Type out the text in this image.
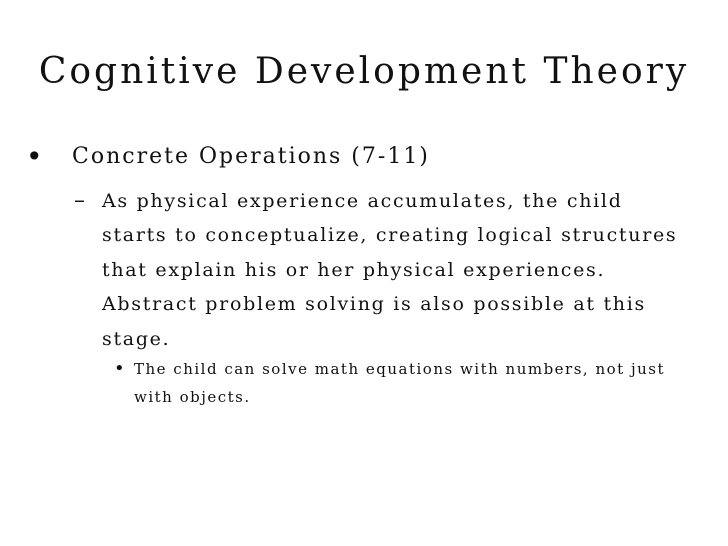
Cognitive Development Theory
•	Concrete Operations (7-11)
– As physical experience accumulates, the child starts to conceptualize, creating logical structures that explain his or her physical experiences. Abstract problem solving is also possible at this stage.
• The child can solve math equations with numbers, not just with objects.
